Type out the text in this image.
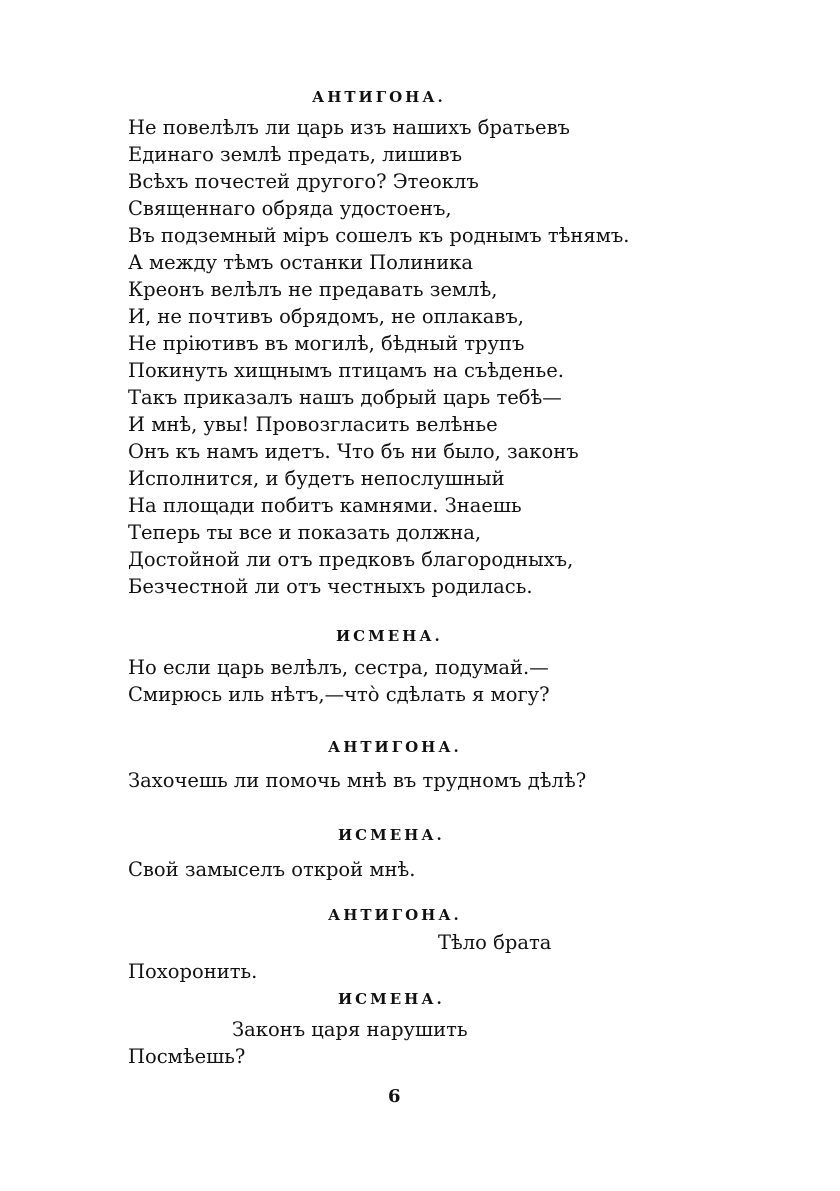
АНТИГОНА.
Не повелѣлъ ли царь изъ нашихъ братьевъ
Единаго землѣ предать, лишивъ
Всѣхъ почестей другого? Этеоклъ
Священнаго обряда удостоенъ,
Въ подземный міръ сошелъ къ роднымъ тѣнямъ.
А между тѣмъ останки Полиника
Креонъ велѣлъ не предавать землѣ,
И, не почтивъ обрядомъ, не оплакавъ,
Не пріютивъ въ могилѣ, бѣдный трупъ
Покинуть хищнымъ птицамъ на съѣденье.
Такъ приказалъ нашъ добрый царь тебѣ—
И мнѣ, увы! Провозгласить велѣнье
Онъ къ намъ идетъ. Что бъ ни было, законъ
Исполнится, и будетъ непослушный
На площади побитъ камнями. Знаешь
Теперь ты все и показать должна,
Достойной ли отъ предковъ благородныхъ,
Безчестной ли отъ честныхъ родилась.
ИСМЕНА.
Но если царь велѣлъ, сестра, подумай.—
Смирюсь иль нѣтъ,—что̀ сдѣлать я могу?
АНТИГОНА.
Захочешь ли помочь мнѣ въ трудномъ дѣлѣ?
ИСМЕНА.
Свой замыселъ открой мнѣ.
АНТИГОНА.
Тѣло брата
Похоронить.
ИСМЕНА.
Законъ царя нарушить
Посмѣешь?
6
